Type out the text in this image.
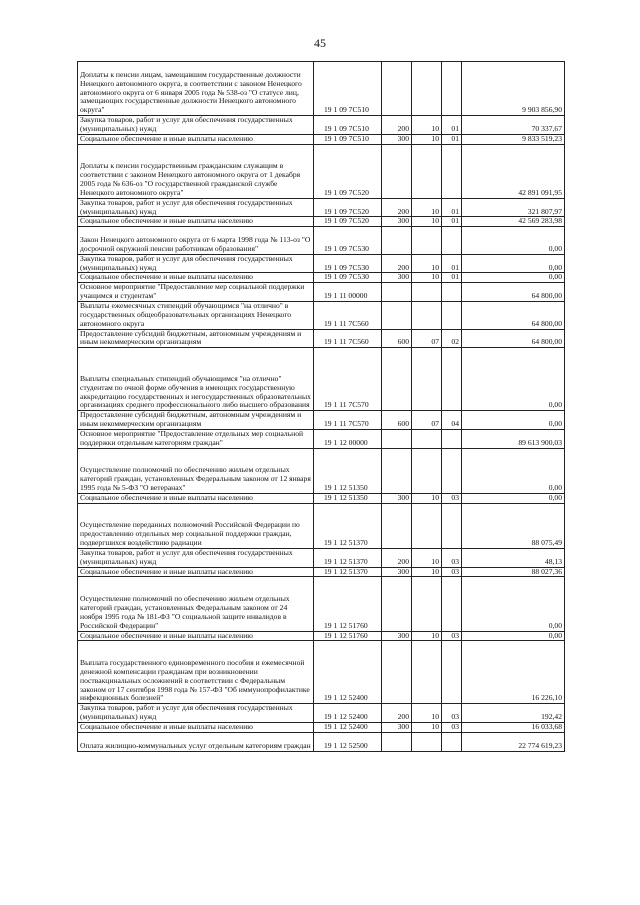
45
Доплаты к пенсии лицам, замещавшим государственные должности Ненецкого автономного округа, в соответствии с законом Ненецкого автономного округа от 6 января 2005 года № 538-оз "О статусе лиц, замещающих государственные должности Ненецкого автономного округа"	19 1 09 7С510				9 903 856,90
Закупка товаров, работ и услуг для обеспечения государственных (муниципальных) нужд	19 1 09 7С510	200	10	01	70 337,67
Социальное обеспечение и иные выплаты населению	19 1 09 7С510	300	10	01	9 833 519,23
Доплаты к пенсии государственным гражданским служащим в соответствии с законом Ненецкого автономного округа от 1 декабря 2005 года № 636-оз "О государственной гражданской службе Ненецкого автономного округа"	19 1 09 7С520				42 891 091,95
Закупка товаров, работ и услуг для обеспечения государственных (муниципальных) нужд	19 1 09 7С520	200	10	01	321 807,97
Социальное обеспечение и иные выплаты населению	19 1 09 7С520	300	10	01	42 569 283,98
Закон Ненецкого автономного округа от 6 марта 1998 года № 113-оз "О досрочной окружной пенсии работникам образования"	19 1 09 7С530				0,00
Закупка товаров, работ и услуг для обеспечения государственных (муниципальных) нужд	19 1 09 7С530	200	10	01	0,00
Социальное обеспечение и иные выплаты населению	19 1 09 7С530	300	10	01	0,00
Основное мероприятие "Предоставление мер социальной поддержки учащимся и студентам"	19 1 11 00000				64 800,00
Выплаты ежемесячных стипендий обучающимся "на отлично" в государственных общеобразовательных организациях Ненецкого автономного округа	19 1 11 7С560				64 800,00
Предоставление субсидий бюджетным, автономным учреждениям и иным некоммерческим организациям	19 1 11 7С560	600	07	02	64 800,00
Выплаты специальных стипендий обучающимся "на отлично" студентам по очной форме обучения в имеющих государственную аккредитацию государственных и негосударственных образовательных организациях среднего профессионального либо высшего образования	19 1 11 7С570				0,00
Предоставление субсидий бюджетным, автономным учреждениям и иным некоммерческим организациям	19 1 11 7С570	600	07	04	0,00
Основное мероприятие "Предоставление отдельных мер социальной поддержки отдельным категориям граждан"	19 1 12 00000				89 613 900,03
Осуществление полномочий по обеспечению жильем отдельных категорий граждан, установленных Федеральным законом от 12 января 1995 года № 5-ФЗ "О ветеранах"	19 1 12 51350				0,00
Социальное обеспечение и иные выплаты населению	19 1 12 51350	300	10	03	0,00
Осуществление переданных полномочий Российской Федерации по предоставлению отдельных мер социальной поддержки граждан, подвергшихся воздействию радиации	19 1 12 51370				88 075,49
Закупка товаров, работ и услуг для обеспечения государственных (муниципальных) нужд	19 1 12 51370	200	10	03	48,13
Социальное обеспечение и иные выплаты населению	19 1 12 51370	300	10	03	88 027,36
Осуществление полномочий по обеспечению жильем отдельных категорий граждан, установленных Федеральным законом от 24 ноября 1995 года № 181-ФЗ "О социальной защите инвалидов в Российской Федерации"	19 1 12 51760				0,00
Социальное обеспечение и иные выплаты населению	19 1 12 51760	300	10	03	0,00
Выплата государственного единовременного пособия и ежемесячной денежной компенсации гражданам при возникновении поствакцинальных осложнений в соответствии с Федеральным законом от 17 сентября 1998 года № 157-ФЗ "Об иммунопрофилактике инфекционных болезней"	19 1 12 52400				16 226,10
Закупка товаров, работ и услуг для обеспечения государственных (муниципальных) нужд	19 1 12 52400	200	10	03	192,42
Социальное обеспечение и иные выплаты населению	19 1 12 52400	300	10	03	16 033,68
Оплата жилищно-коммунальных услуг отдельным категориям граждан	19 1 12 52500				22 774 619,23
